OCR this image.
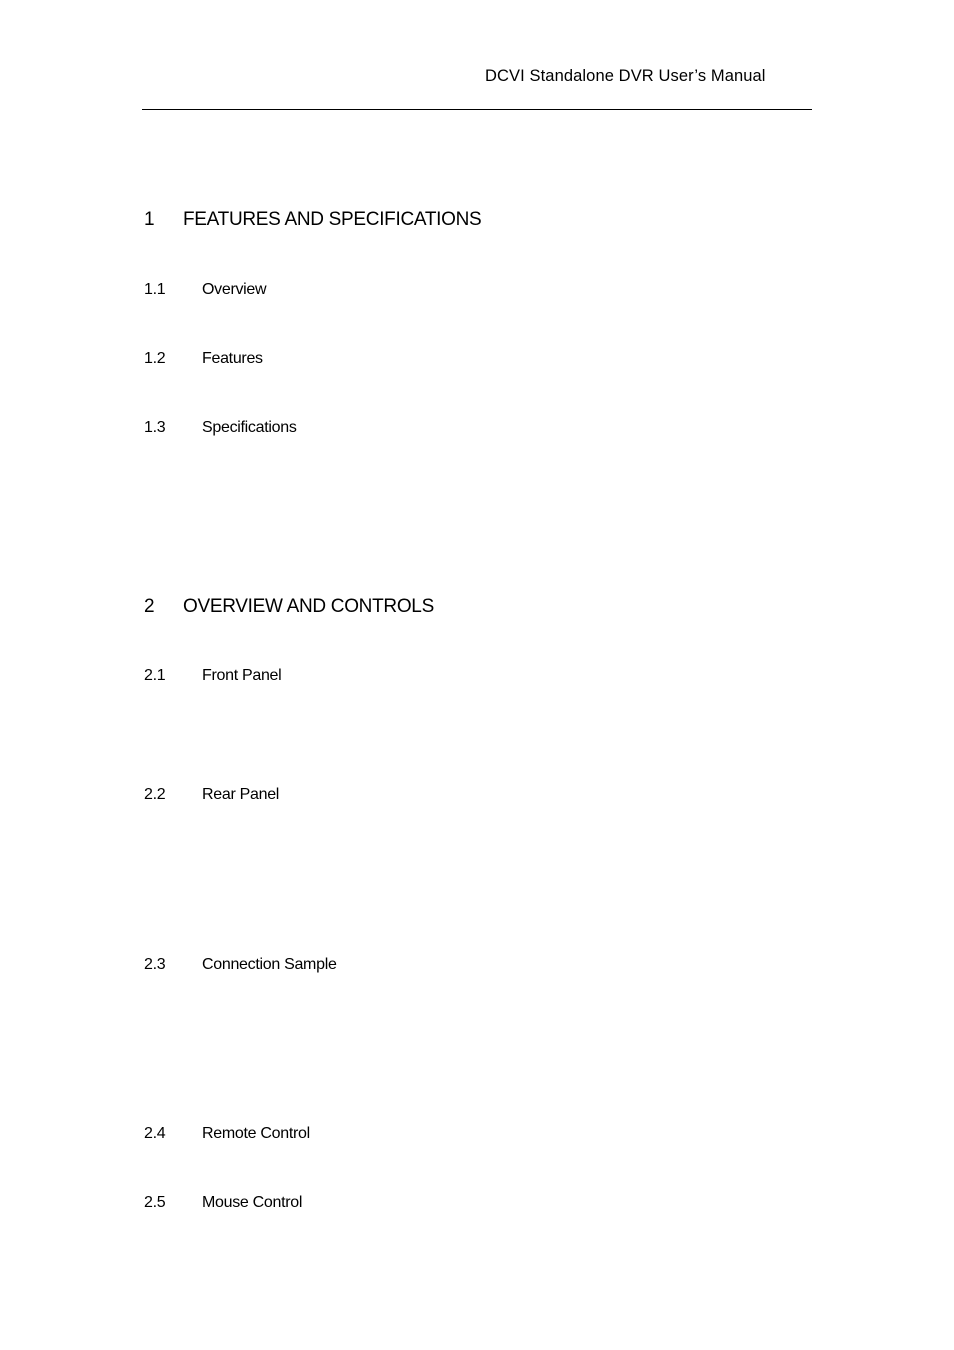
DCVI Standalone DVR User’s Manual
1 FEATURES AND SPECIFICATIONS
1.1 Overview
1.2 Features
1.3 Specifications
2 OVERVIEW AND CONTROLS
2.1 Front Panel
2.2 Rear Panel
2.3 Connection Sample
2.4 Remote Control
2.5 Mouse Control
